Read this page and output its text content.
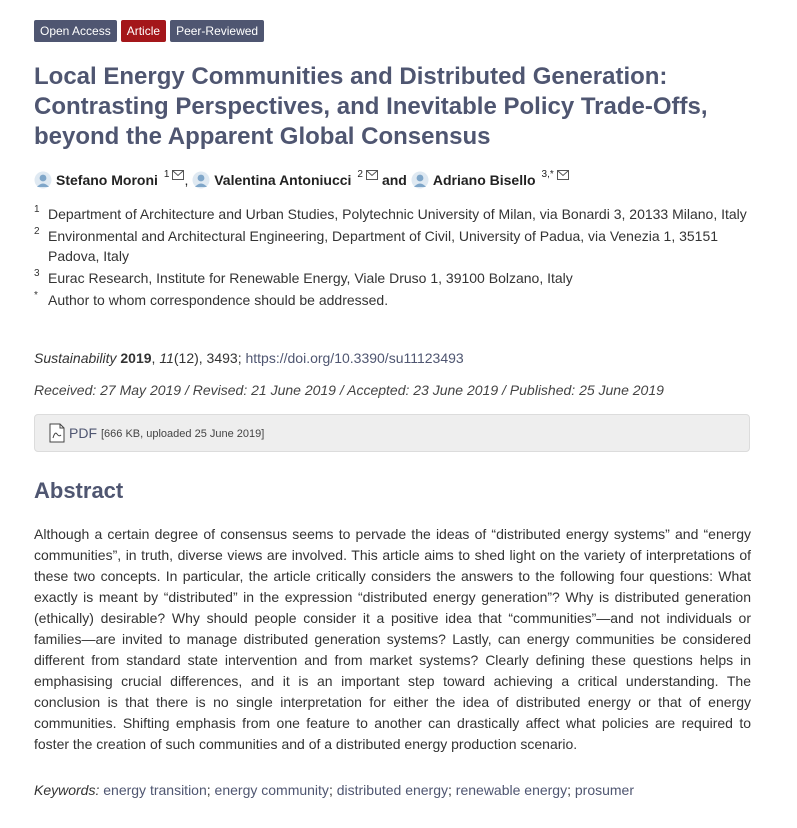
Open Access	Article	Peer-Reviewed
Local Energy Communities and Distributed Generation: Contrasting Perspectives, and Inevitable Policy Trade-Offs, beyond the Apparent Global Consensus
Stefano Moroni 1 , Valentina Antoniucci 2 and Adriano Bisello 3,*
1 Department of Architecture and Urban Studies, Polytechnic University of Milan, via Bonardi 3, 20133 Milano, Italy
2 Environmental and Architectural Engineering, Department of Civil, University of Padua, via Venezia 1, 35151 Padova, Italy
3 Eurac Research, Institute for Renewable Energy, Viale Druso 1, 39100 Bolzano, Italy
* Author to whom correspondence should be addressed.
Sustainability 2019, 11(12), 3493; https://doi.org/10.3390/su11123493
Received: 27 May 2019 / Revised: 21 June 2019 / Accepted: 23 June 2019 / Published: 25 June 2019
PDF [666 KB, uploaded 25 June 2019]
Abstract

Although a certain degree of consensus seems to pervade the ideas of “distributed energy systems” and “energy communities”, in truth, diverse views are involved. This article aims to shed light on the variety of interpretations of these two concepts. In particular, the article critically considers the answers to the following four questions: What exactly is meant by “distributed” in the expression “distributed energy generation”? Why is distributed generation (ethically) desirable? Why should people consider it a positive idea that “communities”—and not individuals or families—are invited to manage distributed generation systems? Lastly, can energy communities be considered different from standard state intervention and from market systems? Clearly defining these questions helps in emphasising crucial differences, and it is an important step toward achieving a critical understanding. The conclusion is that there is no single interpretation for either the idea of distributed energy or that of energy communities. Shifting emphasis from one feature to another can drastically affect what policies are required to foster the creation of such communities and of a distributed energy production scenario.

Keywords: energy transition; energy community; distributed energy; renewable energy; prosumer
